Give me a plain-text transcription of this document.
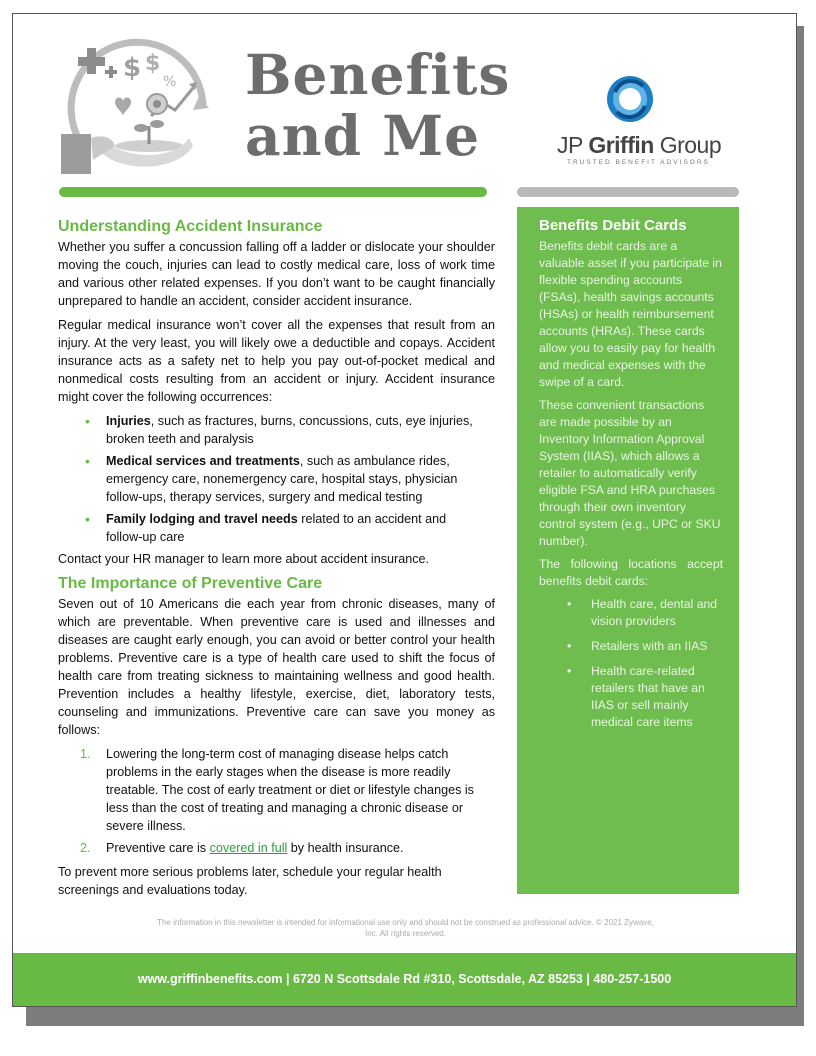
$ $
% Benefits
and Me	JP Griffin Group
TRUSTED BENEFIT ADVISORS
Understanding Accident Insurance

Whether you suffer a concussion falling off a ladder or dislocate your shoulder moving the couch, injuries can lead to costly medical care, loss of work time and various other related expenses. If you don’t want to be caught financially unprepared to handle an accident, consider accident insurance.

Regular medical insurance won’t cover all the expenses that result from an injury. At the very least, you will likely owe a deductible and copays. Accident insurance acts as a safety net to help you pay out-of-pocket medical and nonmedical costs resulting from an accident or injury. Accident insurance might cover the following occurrences:

• Injuries, such as fractures, burns, concussions, cuts, eye injuries, broken teeth and paralysis
• Medical services and treatments, such as ambulance rides, emergency care, nonemergency care, hospital stays, physician follow-ups, therapy services, surgery and medical testing
• Family lodging and travel needs related to an accident and follow-up care

Contact your HR manager to learn more about accident insurance.

The Importance of Preventive Care

Seven out of 10 Americans die each year from chronic diseases, many of which are preventable. When preventive care is used and illnesses and diseases are caught early enough, you can avoid or better control your health problems. Preventive care is a type of health care used to shift the focus of health care from treating sickness to maintaining wellness and good health. Prevention includes a healthy lifestyle, exercise, diet, laboratory tests, counseling and immunizations. Preventive care can save you money as follows:

1. Lowering the long-term cost of managing disease helps catch problems in the early stages when the disease is more readily treatable. The cost of early treatment or diet or lifestyle changes is less than the cost of treating and managing a chronic disease or severe illness.
2. Preventive care is covered in full by health insurance.

To prevent more serious problems later, schedule your regular health screenings and evaluations today.

Benefits Debit Cards

Benefits debit cards are a valuable asset if you participate in flexible spending accounts (FSAs), health savings accounts (HSAs) or health reimbursement accounts (HRAs). These cards allow you to easily pay for health and medical expenses with the swipe of a card.

These convenient transactions are made possible by an Inventory Information Approval System (IIAS), which allows a retailer to automatically verify eligible FSA and HRA purchases through their own inventory control system (e.g., UPC or SKU number).

The following locations accept benefits debit cards:

• Health care, dental and vision providers
• Retailers with an IIAS
• Health care-related retailers that have an IIAS or sell mainly medical care items
The information in this newsletter is intended for informational use only and should not be construed as professional advice. © 2021 Zywave, Inc. All rights reserved.
www.griffinbenefits.com | 6720 N Scottsdale Rd #310, Scottsdale, AZ 85253 | 480-257-1500
